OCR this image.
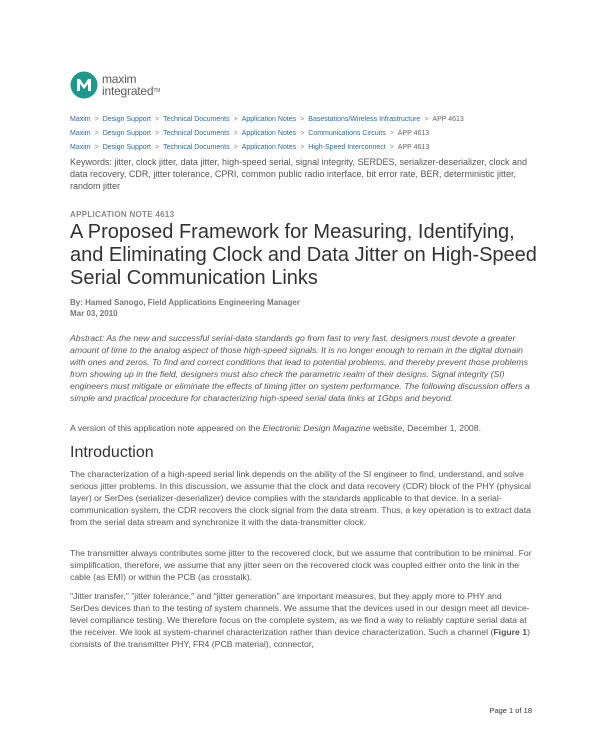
maxim
integrated™
Maxim > Design Support > Technical Documents > Application Notes > Basestations/Wireless Infrastructure > APP 4613
Maxim > Design Support > Technical Documents > Application Notes > Communications Circuits > APP 4613
Maxim > Design Support > Technical Documents > Application Notes > High-Speed Interconnect > APP 4613
Keywords: jitter, clock jitter, data jitter, high-speed serial, signal integrity, SERDES, serializer-deserializer, clock and data recovery, CDR, jitter tolerance, CPRI, common public radio interface, bit error rate, BER, deterministic jitter, random jitter
APPLICATION NOTE 4613
A Proposed Framework for Measuring, Identifying, and Eliminating Clock and Data Jitter on High-Speed Serial Communication Links
By: Hamed Sanogo, Field Applications Engineering Manager
Mar 03, 2010
Abstract: As the new and successful serial-data standards go from fast to very fast, designers must devote a greater amount of time to the analog aspect of those high-speed signals. It is no longer enough to remain in the digital domain with ones and zeros. To find and correct conditions that lead to potential problems, and thereby prevent those problems from showing up in the field, designers must also check the parametric realm of their designs. Signal integrity (SI) engineers must mitigate or eliminate the effects of timing jitter on system performance. The following discussion offers a simple and practical procedure for characterizing high-speed serial data links at 1Gbps and beyond.
A version of this application note appeared on the Electronic Design Magazine website, December 1, 2008.
Introduction

The characterization of a high-speed serial link depends on the ability of the SI engineer to find, understand, and solve serious jitter problems. In this discussion, we assume that the clock and data recovery (CDR) block of the PHY (physical layer) or SerDes (serializer-deserializer) device complies with the standards applicable to that device. In a serial-communication system, the CDR recovers the clock signal from the data stream. Thus, a key operation is to extract data from the serial data stream and synchronize it with the data-transmitter clock.

The transmitter always contributes some jitter to the recovered clock, but we assume that contribution to be minimal. For simplification, therefore, we assume that any jitter seen on the recovered clock was coupled either onto the link in the cable (as EMI) or within the PCB (as crosstalk).

"Jitter transfer," "jitter tolerance," and "jitter generation" are important measures, but they apply more to PHY and SerDes devices than to the testing of system channels. We assume that the devices used in our design meet all device-level compliance testing. We therefore focus on the complete system, as we find a way to reliably capture serial data at the receiver. We look at system-channel characterization rather than device characterization. Such a channel (Figure 1) consists of the transmitter PHY, FR4 (PCB material), connector,

Page 1 of 18
